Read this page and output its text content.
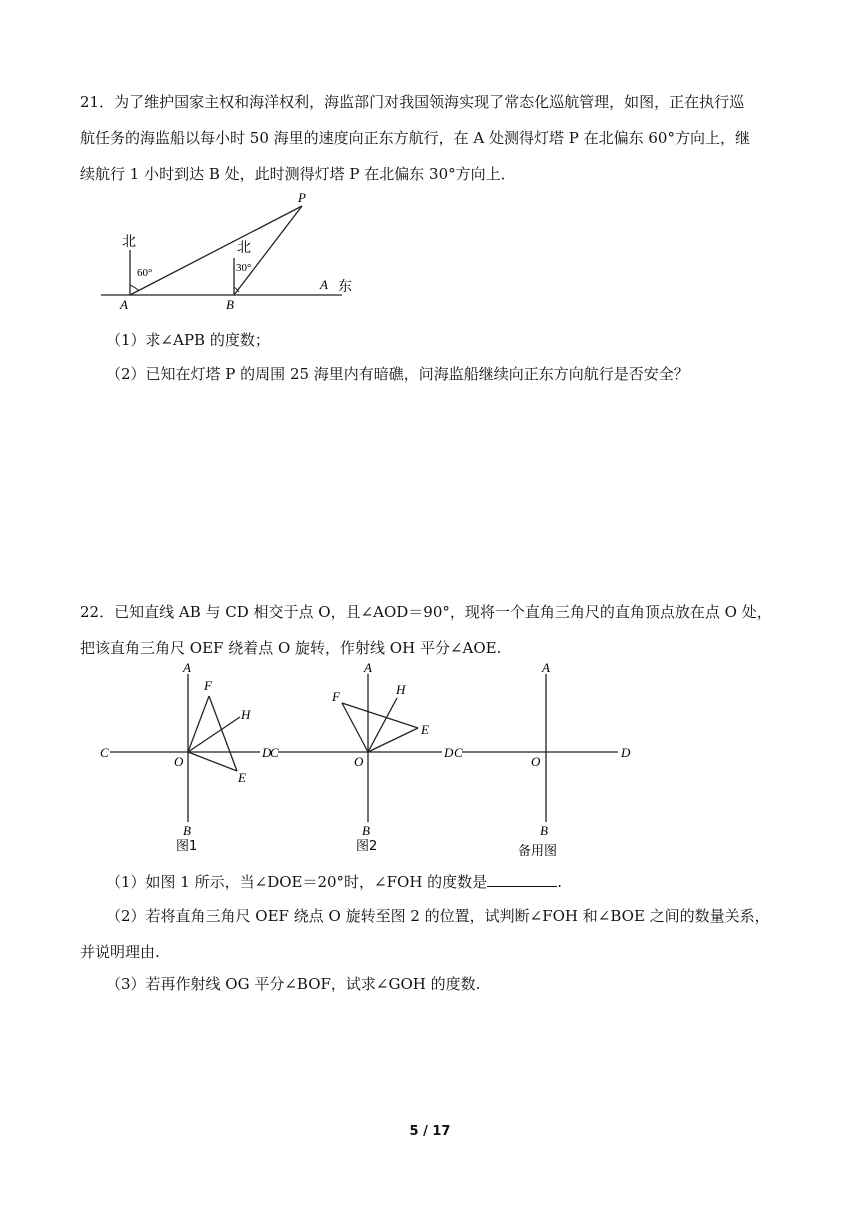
21．为了维护国家主权和海洋权利，海监部门对我国领海实现了常态化巡航管理，如图，正在执行巡

航任务的海监船以每小时 50 海里的速度向正东方航行，在 A 处测得灯塔 P 在北偏东 60°方向上，继

续航行 1 小时到达 B 处，此时测得灯塔 P 在北偏东 30°方向上．

北	北
60°	30°
A	B
P
A 东

（1）求∠APB 的度数；

（2）已知在灯塔 P 的周围 25 海里内有暗礁，问海监船继续向正东方向航行是否安全？

22．已知直线 AB 与 CD 相交于点 O，且∠AOD＝90°，现将一个直角三角尺的直角顶点放在点 O 处，

把该直角三角尺 OEF 绕着点 O 旋转，作射线 OH 平分∠AOE.

A
C	D
O
F
H
E
B
图1
A
C	D
O
F	H
E
B
图2
A
C	D
O
B
备用图

（1）如图 1 所示，当∠DOE＝20°时，∠FOH 的度数是	.

（2）若将直角三角尺 OEF 绕点 O 旋转至图 2 的位置，试判断∠FOH 和∠BOE 之间的数量关系，

并说明理由.

（3）若再作射线 OG 平分∠BOF，试求∠GOH 的度数.

5 / 17
